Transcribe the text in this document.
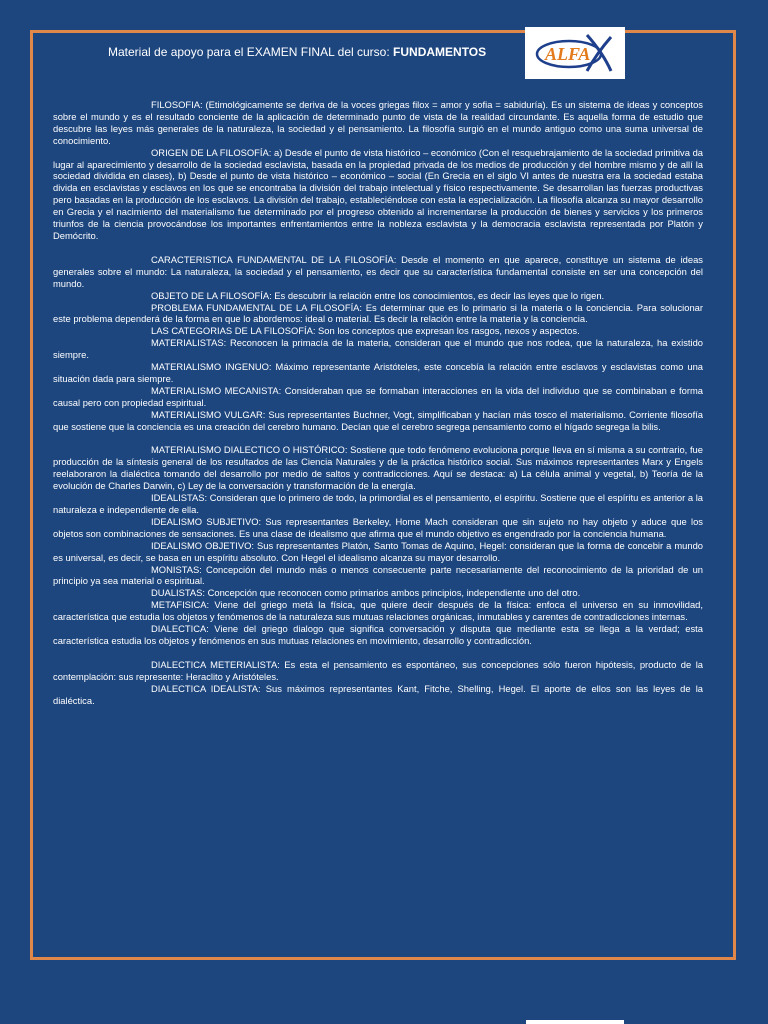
Material de apoyo para el EXAMEN FINAL del curso: FUNDAMENTOS	ALFA

FILOSOFIA: (Etimológicamente se deriva de la voces griegas filox = amor y sofia = sabiduría). Es un sistema de ideas y conceptos sobre el mundo y es el resultado conciente de la aplicación de determinado punto de vista de la realidad circundante. Es aquella forma de estudio que descubre las leyes más generales de la naturaleza, la sociedad y el pensamiento. La filosofía surgió en el mundo antiguo como una suma universal de conocimiento.

ORIGEN DE LA FILOSOFÍA: a) Desde el punto de vista histórico – económico (Con el resquebrajamiento de la sociedad primitiva da lugar al aparecimiento y desarrollo de la sociedad esclavista, basada en la propiedad privada de los medios de producción y del hombre mismo y de allí la sociedad dividida en clases), b) Desde el punto de vista histórico – económico – social (En Grecia en el siglo VI antes de nuestra era la sociedad estaba divida en esclavistas y esclavos en los que se encontraba la división del trabajo intelectual y físico respectivamente. Se desarrollan las fuerzas productivas pero basadas en la producción de los esclavos. La división del trabajo, estableciéndose con esta la especialización. La filosofía alcanza su mayor desarrollo en Grecia y el nacimiento del materialismo fue determinado por el progreso obtenido al incrementarse la producción de bienes y servicios y los primeros triunfos de la ciencia provocándose los importantes enfrentamientos entre la nobleza esclavista y la democracia esclavista representada por Platón y Demócrito.

CARACTERISTICA FUNDAMENTAL DE LA FILOSOFÍA: Desde el momento en que aparece, constituye un sistema de ideas generales sobre el mundo: La naturaleza, la sociedad y el pensamiento, es decir que su característica fundamental consiste en ser una concepción del mundo.

OBJETO DE LA FILOSOFÍA: Es descubrir la relación entre los conocimientos, es decir las leyes que lo rigen.

PROBLEMA FUNDAMENTAL DE LA FILOSOFÍA: Es determinar que es lo primario si la materia o la conciencia. Para solucionar este problema dependerá de la forma en que lo abordemos: ideal o material. Es decir la relación entre la materia y la conciencia.

LAS CATEGORIAS DE LA FILOSOFÍA: Son los conceptos que expresan los rasgos, nexos y aspectos.

MATERIALISTAS: Reconocen la primacía de la materia, consideran que el mundo que nos rodea, que la naturaleza, ha existido siempre.

MATERIALISMO INGENUO: Máximo representante Aristóteles, este concebía la relación entre esclavos y esclavistas como una situación dada para siempre.

MATERIALISMO MECANISTA: Consideraban que se formaban interacciones en la vida del individuo que se combinaban e forma causal pero con propiedad espiritual.

MATERIALISMO VULGAR: Sus representantes Buchner, Vogt, simplificaban y hacían más tosco el materialismo. Corriente filosofía que sostiene que la conciencia es una creación del cerebro humano. Decían que el cerebro segrega pensamiento como el hígado segrega la bilis.

MATERIALISMO DIALECTICO O HISTÓRICO: Sostiene que todo fenómeno evoluciona porque lleva en sí misma a su contrario, fue producción de la síntesis general de los resultados de las Ciencia Naturales y de la práctica histórico social. Sus máximos representantes Marx y Engels reelaboraron la dialéctica tomando del desarrollo por medio de saltos y contradicciones. Aquí se destaca: a) La célula animal y vegetal, b) Teoría de la evolución de Charles Darwin, c) Ley de la conversación y transformación de la energía.

IDEALISTAS: Consideran que lo primero de todo, la primordial es el pensamiento, el espíritu. Sostiene que el espíritu es anterior a la naturaleza e independiente de ella.

IDEALISMO SUBJETIVO: Sus representantes Berkeley, Home Mach consideran que sin sujeto no hay objeto y aduce que los objetos son combinaciones de sensaciones. Es una clase de idealismo que afirma que el mundo objetivo es engendrado por la conciencia humana.

IDEALISMO OBJETIVO: Sus representantes Platón, Santo Tomas de Aquino, Hegel: consideran que la forma de concebir a mundo es universal, es decir, se basa en un espíritu absoluto. Con Hegel el idealismo alcanza su mayor desarrollo.

MONISTAS: Concepción del mundo más o menos consecuente parte necesariamente del reconocimiento de la prioridad de un principio ya sea material o espiritual.

DUALISTAS: Concepción que reconocen como primarios ambos principios, independiente uno del otro.

METAFISICA: Viene del griego metá la física, que quiere decir después de la física: enfoca el universo en su inmovilidad, característica que estudia los objetos y fenómenos de la naturaleza sus mutuas relaciones orgánicas, inmutables y carentes de contradicciones internas.

DIALECTICA: Viene del griego dialogo que significa conversación y disputa que mediante esta se llega a la verdad; esta característica estudia los objetos y fenómenos en sus mutuas relaciones en movimiento, desarrollo y contradicción.

DIALECTICA METERIALISTA: Es esta el pensamiento es espontáneo, sus concepciones sólo fueron hipótesis, producto de la contemplación: sus represente: Heraclito y Aristóteles.

DIALECTICA IDEALISTA: Sus máximos representantes Kant, Fitche, Shelling, Hegel. El aporte de ellos son las leyes de la dialéctica.
